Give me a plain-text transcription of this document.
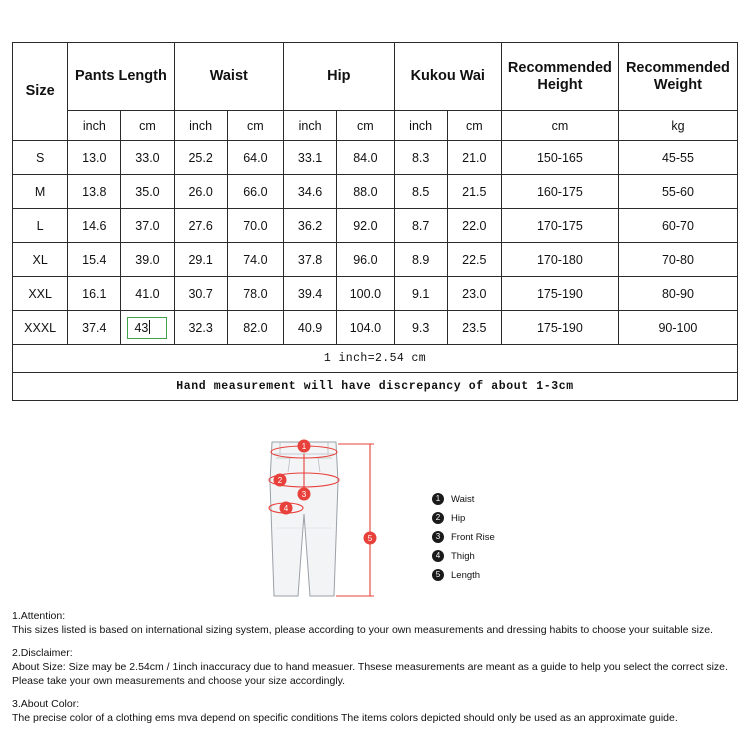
Size	Pants Length		Waist		Hip		Kukou Wai		Recommended Height	Recommended Weight
	inch	cm	inch	cm	inch	cm	inch	cm	cm	kg
S	13.0	33.0	25.2	64.0	33.1	84.0	8.3	21.0	150-165	45-55
M	13.8	35.0	26.0	66.0	34.6	88.0	8.5	21.5	160-175	55-60
L	14.6	37.0	27.6	70.0	36.2	92.0	8.7	22.0	170-175	60-70
XL	15.4	39.0	29.1	74.0	37.8	96.0	8.9	22.5	170-180	70-80
XXL	16.1	41.0	30.7	78.0	39.4	100.0	9.1	23.0	175-190	80-90
XXXL	37.4	43	32.3	82.0	40.9	104.0	9.3	23.5	175-190	90-100
1 inch=2.54 cm										
Hand measurement will have discrepancy of about 1-3cm										
1
2
3
4
5
1	Waist
2	Hip
3	Front Rise
4	Thigh
5	Length

1.Attention:

This sizes listed is based on international sizing system, please according to your own measurements and dressing habits to choose your suitable size.

2.Disclaimer:

About Size: Size may be 2.54cm / 1inch inaccuracy due to hand measuer. Thsese measurements are meant as a guide to help you select the correct size. Please take your own measurements and choose your size accordingly.

3.About Color:

The precise color of a clothing ems mva depend on specific conditions The items colors depicted should only be used as an approximate guide.
